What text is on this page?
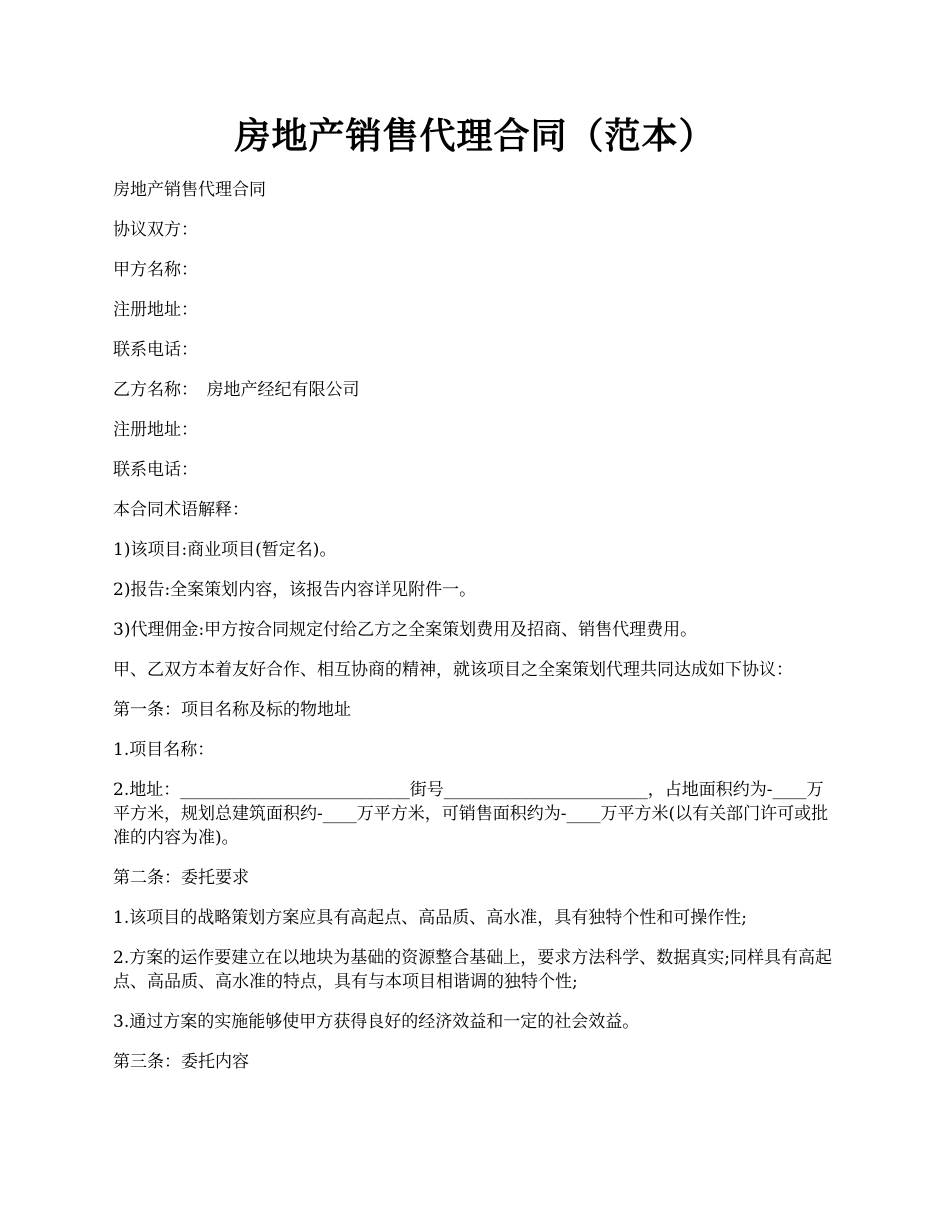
房地产销售代理合同（范本）

房地产销售代理合同

协议双方：

甲方名称：

注册地址：

联系电话：

乙方名称：　房地产经纪有限公司

注册地址：

联系电话：

本合同术语解释：

1)该项目:商业项目(暂定名)。

2)报告:全案策划内容，该报告内容详见附件一。

3)代理佣金:甲方按合同规定付给乙方之全案策划费用及招商、销售代理费用。

甲、乙双方本着友好合作、相互协商的精神，就该项目之全案策划代理共同达成如下协议：

第一条：项目名称及标的物地址

1.项目名称：

2.地址：___________________________街号________________________，占地面积约为-____万平方米，规划总建筑面积约-____万平方米，可销售面积约为-____万平方米(以有关部门许可或批准的内容为准)。

第二条：委托要求

1.该项目的战略策划方案应具有高起点、高品质、高水准，具有独特个性和可操作性;

2.方案的运作要建立在以地块为基础的资源整合基础上，要求方法科学、数据真实;同样具有高起点、高品质、高水准的特点，具有与本项目相谐调的独特个性;

3.通过方案的实施能够使甲方获得良好的经济效益和一定的社会效益。

第三条：委托内容
